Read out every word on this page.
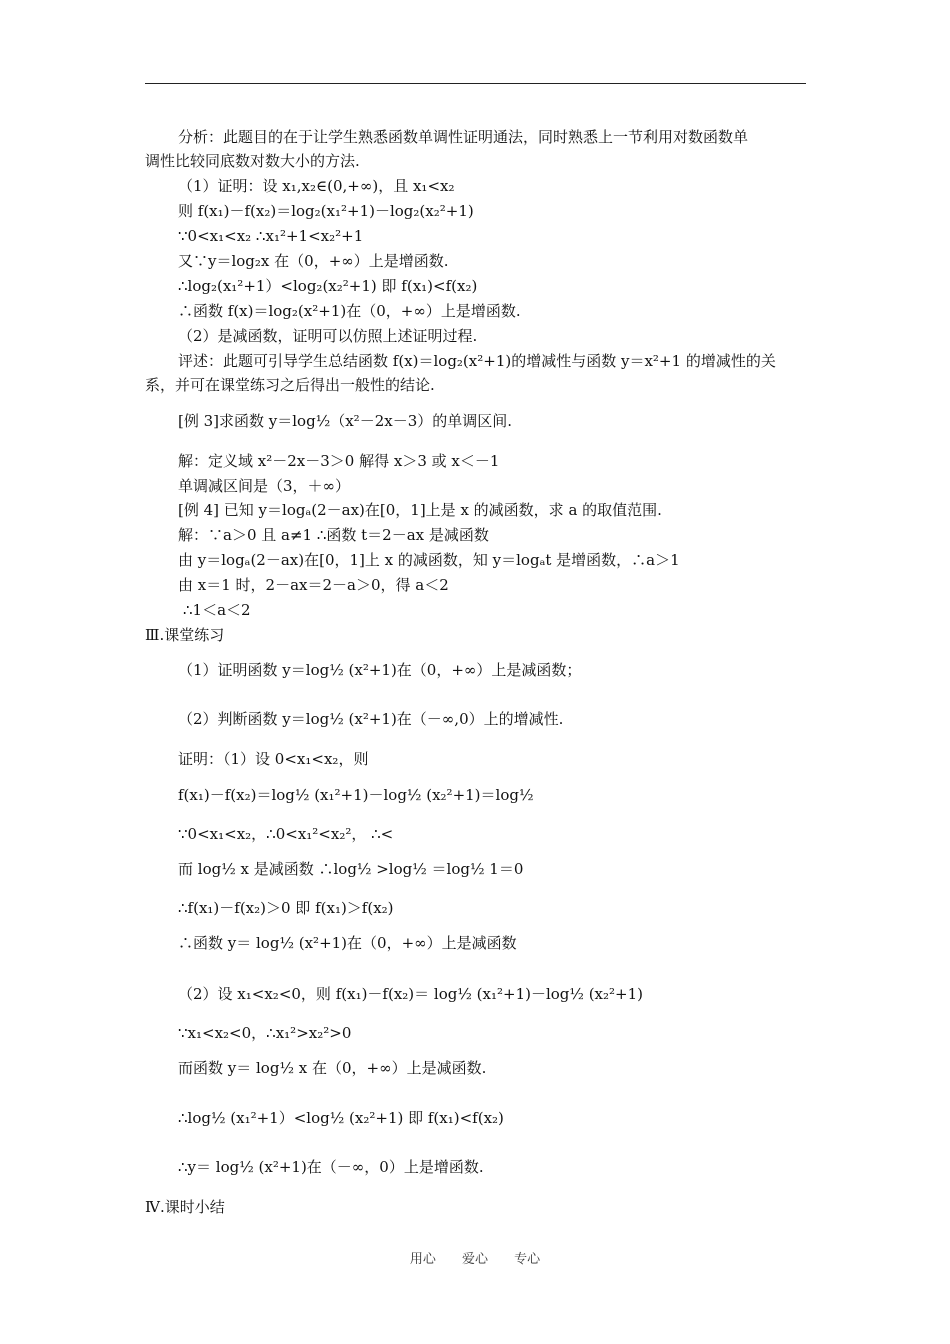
分析：此题目的在于让学生熟悉函数单调性证明通法，同时熟悉上一节利用对数函数单
调性比较同底数对数大小的方法.
（1）证明：设 x₁,x₂∈(0,+∞)，且 x₁<x₂
则 f(x₁)－f(x₂)＝log₂(x₁²+1)－log₂(x₂²+1)
∵0<x₁<x₂ ∴x₁²+1<x₂²+1
又∵y＝log₂x 在（0，+∞）上是增函数.
∴log₂(x₁²+1）<log₂(x₂²+1) 即 f(x₁)<f(x₂)
∴函数 f(x)＝log₂(x²+1)在（0，+∞）上是增函数.
（2）是减函数，证明可以仿照上述证明过程.
评述：此题可引导学生总结函数 f(x)＝log₂(x²+1)的增减性与函数 y＝x²+1 的增减性的关
系，并可在课堂练习之后得出一般性的结论.
[例 3]求函数 y＝log½（x²－2x－3）的单调区间.
解：定义域 x²－2x－3＞0 解得 x＞3 或 x＜－1
单调减区间是（3，＋∞）
[例 4] 已知 y＝logₐ(2－ax)在[0，1]上是 x 的减函数，求 a 的取值范围.
解：∵a＞0 且 a≠1 ∴函数 t＝2－ax 是减函数
由 y＝logₐ(2－ax)在[0，1]上 x 的减函数，知 y＝logₐt 是增函数，∴a＞1
由 x＝1 时，2－ax＝2－a＞0，得 a＜2
∴1＜a＜2
Ⅲ.课堂练习
（1）证明函数 y＝log½ (x²+1)在（0，+∞）上是减函数；
（2）判断函数 y＝log½ (x²+1)在（－∞,0）上的增减性.
证明：（1）设 0<x₁<x₂，则
f(x₁)－f(x₂)＝log½ (x₁²+1)－log½ (x₂²+1)＝log½
∵0<x₁<x₂，∴0<x₁²<x₂²， ∴<
而 log½ x 是减函数 ∴log½ >log½ ＝log½ 1＝0
∴f(x₁)－f(x₂)＞0 即 f(x₁)＞f(x₂)
∴函数 y＝ log½ (x²+1)在（0，+∞）上是减函数
（2）设 x₁<x₂<0，则 f(x₁)－f(x₂)＝ log½ (x₁²+1)－log½ (x₂²+1)
∵x₁<x₂<0，∴x₁²>x₂²>0
而函数 y＝ log½ x 在（0，+∞）上是减函数.
∴log½ (x₁²+1）<log½ (x₂²+1) 即 f(x₁)<f(x₂)
∴y＝ log½ (x²+1)在（－∞，0）上是增函数.
Ⅳ.课时小结
用心 爱心 专心
